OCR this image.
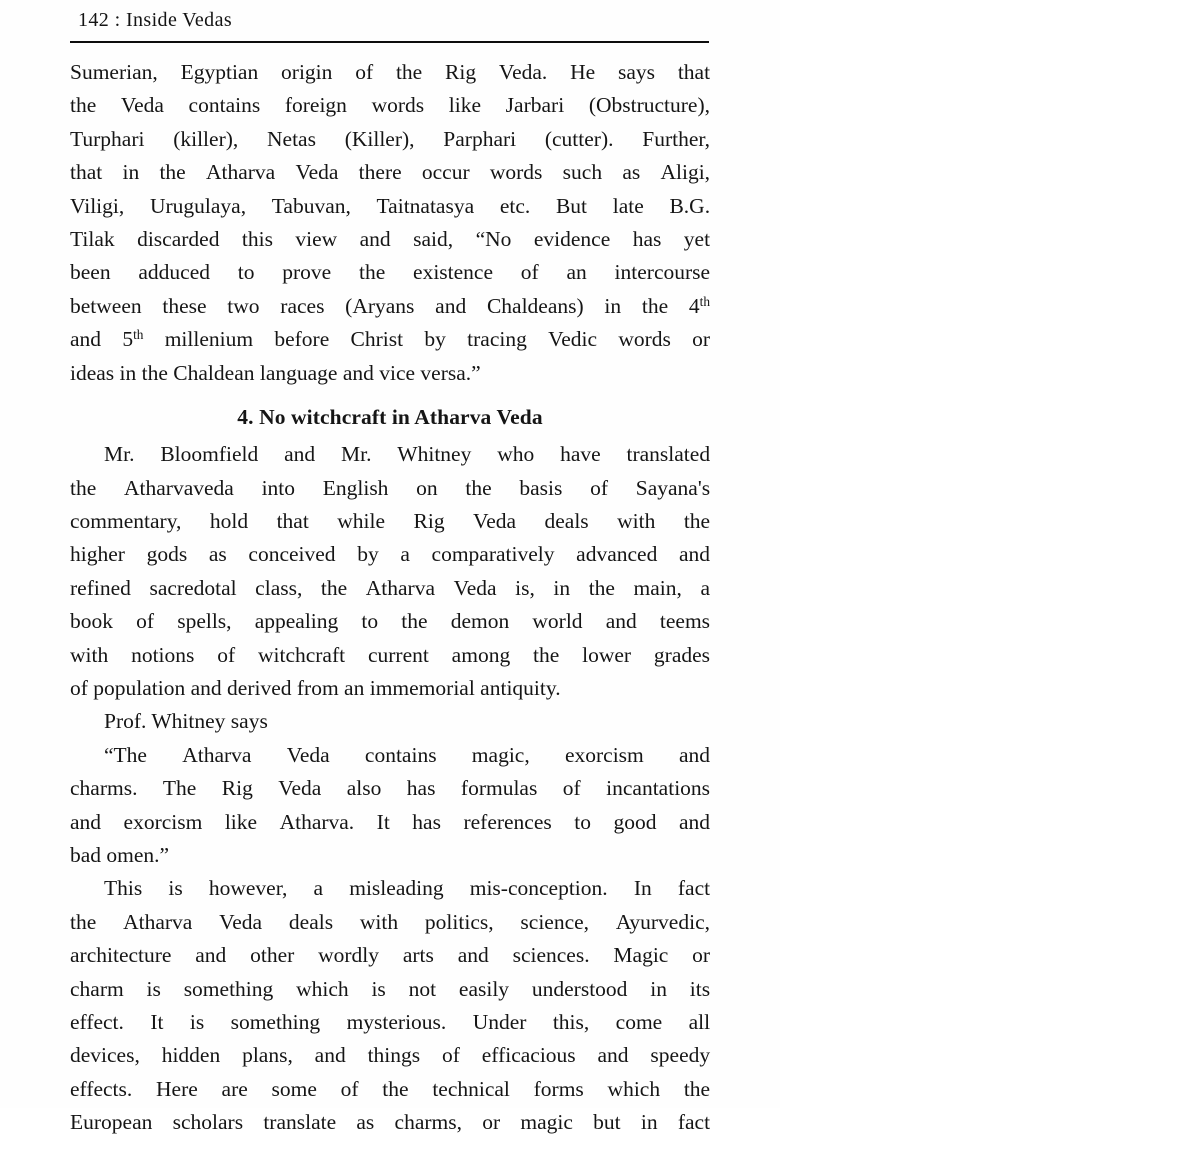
142 : Inside Vedas

Sumerian, Egyptian origin of the Rig Veda. He says that
the Veda contains foreign words like Jarbari (Obstructure),
Turphari (killer), Netas (Killer), Parphari (cutter). Further,
that in the Atharva Veda there occur words such as Aligi,
Viligi, Urugulaya, Tabuvan, Taitnatasya etc. But late B.G.
Tilak discarded this view and said, “No evidence has yet
been adduced to prove the existence of an intercourse
between these two races (Aryans and Chaldeans) in the 4th
and 5th millenium before Christ by tracing Vedic words or
ideas in the Chaldean language and vice versa.”

4. No witchcraft in Atharva Veda

Mr. Bloomfield and Mr. Whitney who have translated
the Atharvaveda into English on the basis of Sayana's
commentary, hold that while Rig Veda deals with the
higher gods as conceived by a comparatively advanced and
refined sacredotal class, the Atharva Veda is, in the main, a
book of spells, appealing to the demon world and teems
with notions of witchcraft current among the lower grades
of population and derived from an immemorial antiquity.

Prof. Whitney says

“The Atharva Veda contains magic, exorcism and
charms. The Rig Veda also has formulas of incantations
and exorcism like Atharva. It has references to good and
bad omen.”

This is however, a misleading mis-conception. In fact
the Atharva Veda deals with politics, science, Ayurvedic,
architecture and other wordly arts and sciences. Magic or
charm is something which is not easily understood in its
effect. It is something mysterious. Under this, come all
devices, hidden plans, and things of efficacious and speedy
effects. Here are some of the technical forms which the
European scholars translate as charms, or magic but in fact
